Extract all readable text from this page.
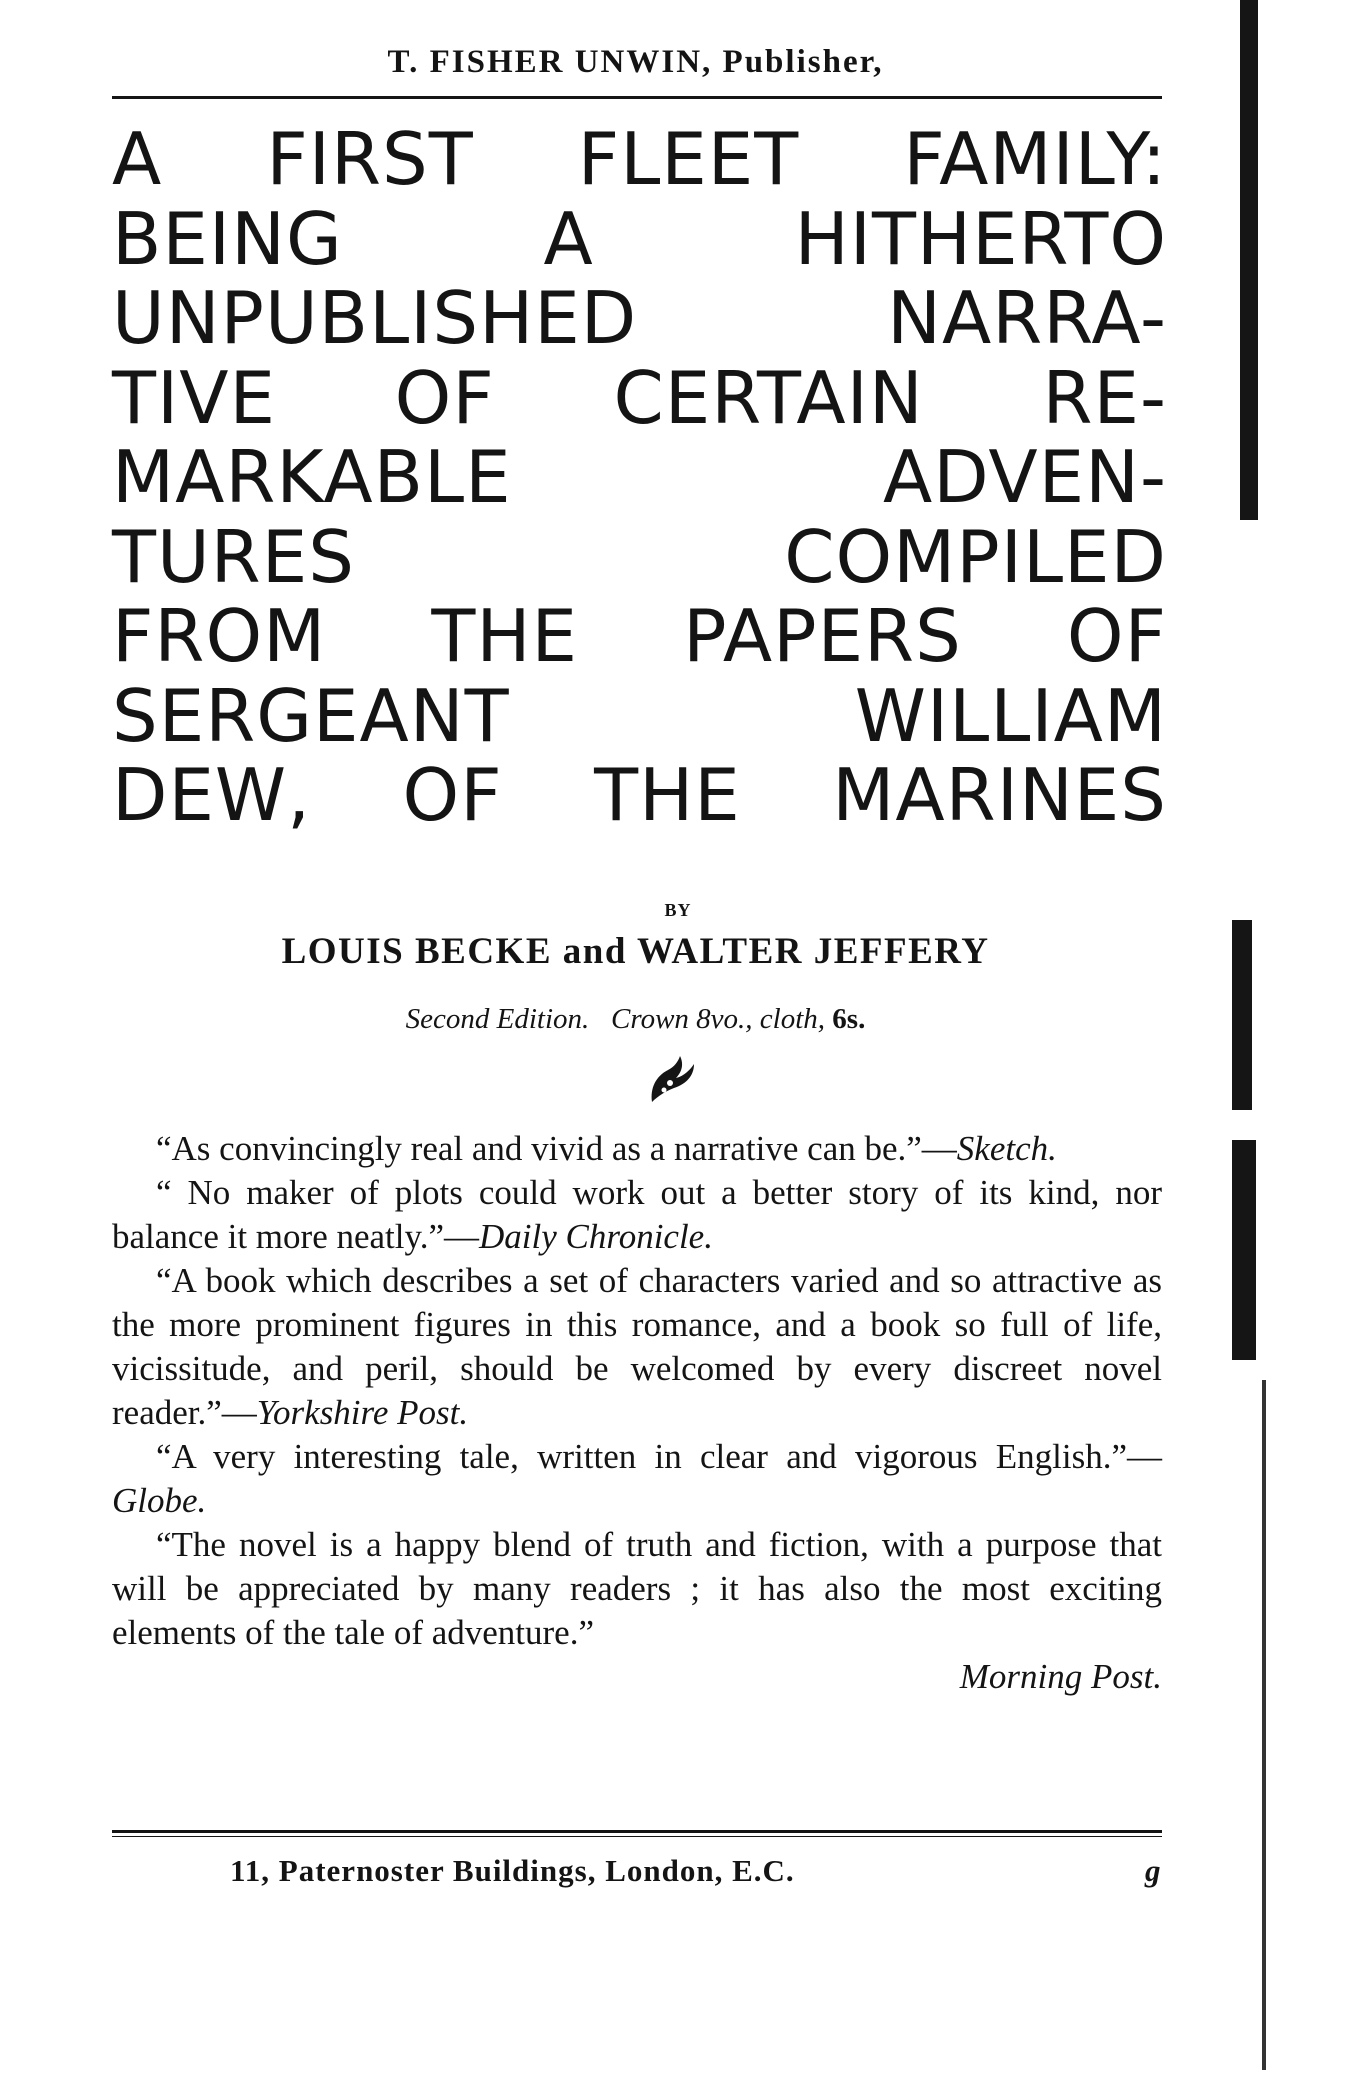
T. FISHER UNWIN, Publisher,
A FIRST FLEET FAMILY:
BEING A HITHERTO
UNPUBLISHED NARRA-
TIVE OF CERTAIN RE-
MARKABLE ADVEN-
TURES COMPILED
FROM THE PAPERS OF
SERGEANT WILLIAM
DEW, OF THE MARINES
BY
LOUIS BECKE and WALTER JEFFERY
Second Edition. Crown 8vo., cloth, 6s.

“As convincingly real and vivid as a narrative can be.”—Sketch.

“ No maker of plots could work out a better story of its kind, nor balance it more neatly.”—Daily Chronicle.

“A book which describes a set of characters varied and so attractive as the more prominent figures in this romance, and a book so full of life, vicissitude, and peril, should be welcomed by every discreet novel reader.”—Yorkshire Post.

“A very interesting tale, written in clear and vigorous English.”—Globe.

“The novel is a happy blend of truth and fiction, with a purpose that will be appreciated by many readers ; it has also the most exciting elements of the tale of adventure.”
Morning Post.

11, Paternoster Buildings, London, E.C.	g
